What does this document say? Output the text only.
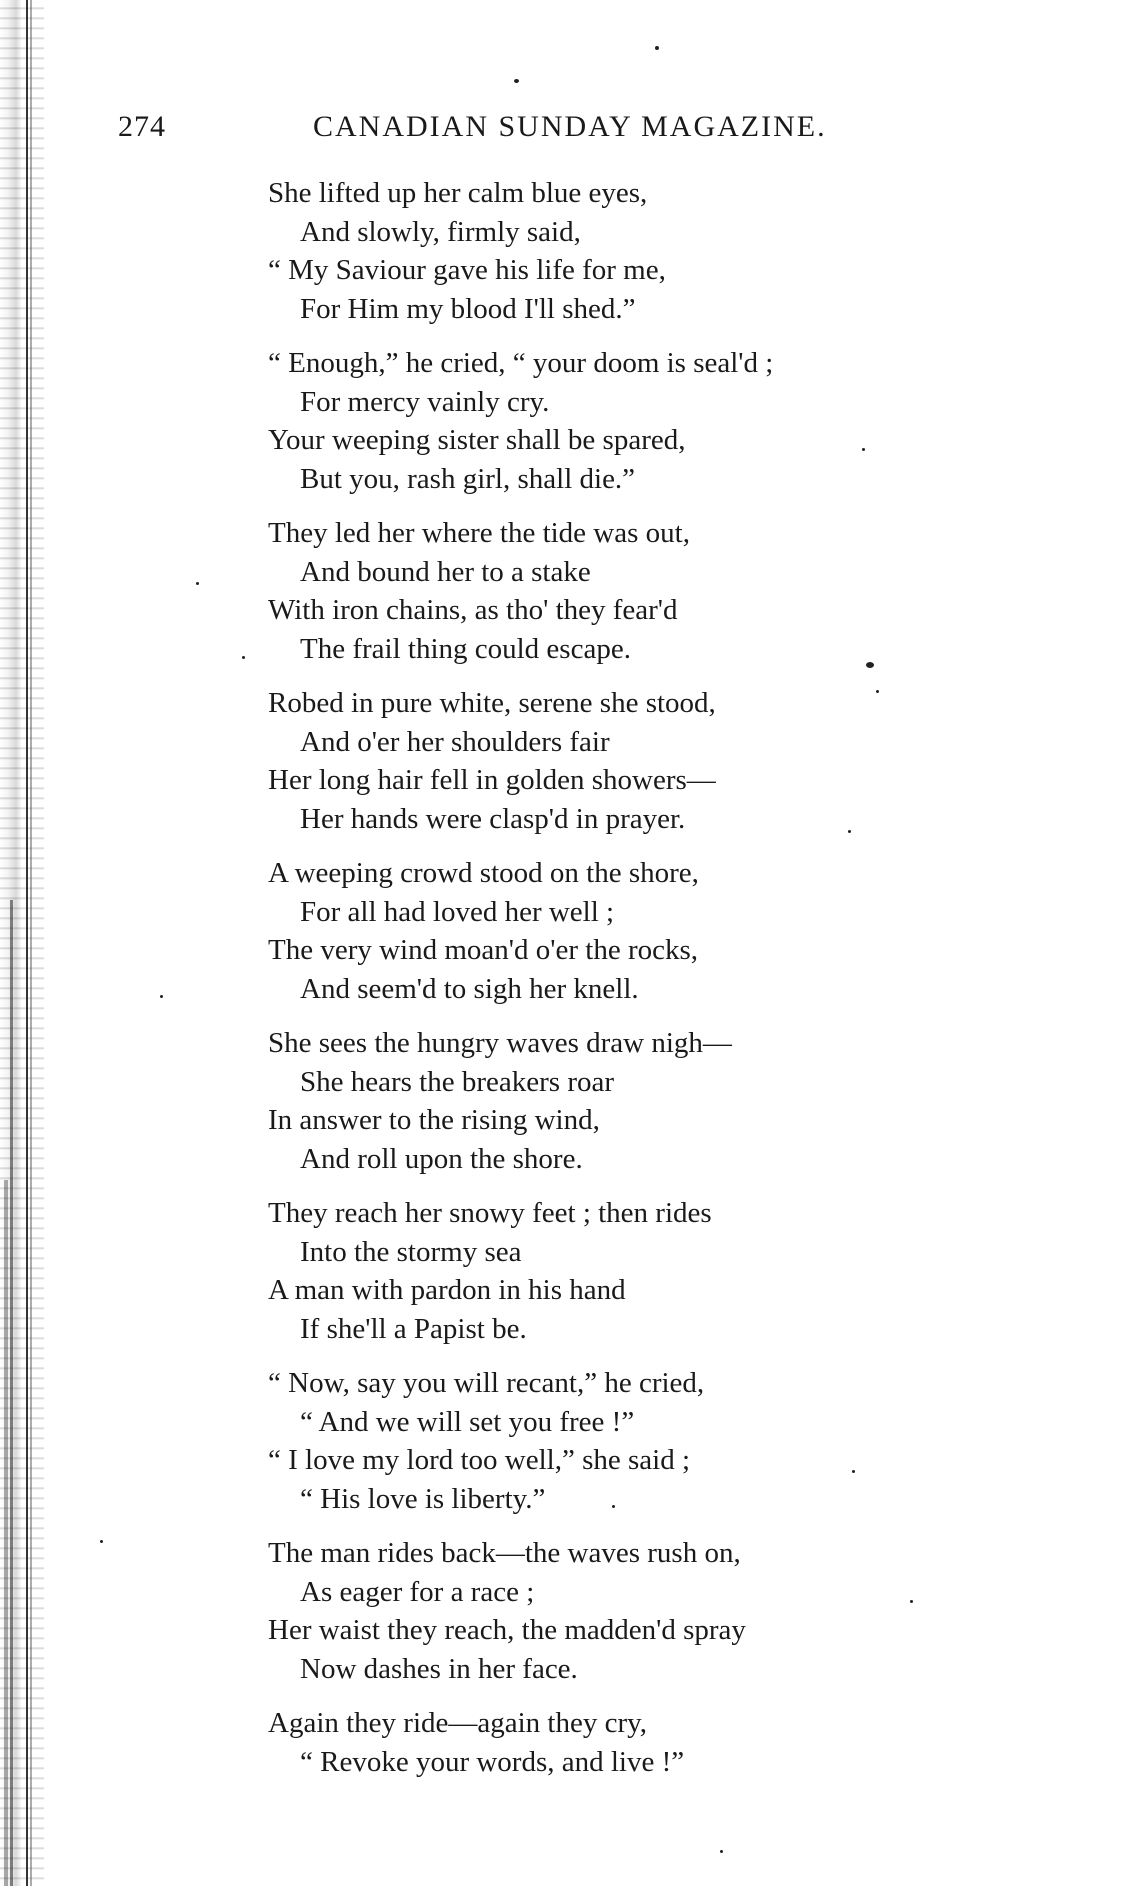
274	CANADIAN SUNDAY MAGAZINE.
She lifted up her calm blue eyes,
And slowly, firmly said,
“ My Saviour gave his life for me,
For Him my blood I'll shed.”
“ Enough,” he cried, “ your doom is seal'd ;
For mercy vainly cry.
Your weeping sister shall be spared,
But you, rash girl, shall die.”
They led her where the tide was out,
And bound her to a stake
With iron chains, as tho' they fear'd
The frail thing could escape.
Robed in pure white, serene she stood,
And o'er her shoulders fair
Her long hair fell in golden showers—
Her hands were clasp'd in prayer.
A weeping crowd stood on the shore,
For all had loved her well ;
The very wind moan'd o'er the rocks,
And seem'd to sigh her knell.
She sees the hungry waves draw nigh—
She hears the breakers roar
In answer to the rising wind,
And roll upon the shore.
They reach her snowy feet ; then rides
Into the stormy sea
A man with pardon in his hand
If she'll a Papist be.
“ Now, say you will recant,” he cried,
“ And we will set you free !”
“ I love my lord too well,” she said ;
“ His love is liberty.”
The man rides back—the waves rush on,
As eager for a race ;
Her waist they reach, the madden'd spray
Now dashes in her face.
Again they ride—again they cry,
“ Revoke your words, and live !”
